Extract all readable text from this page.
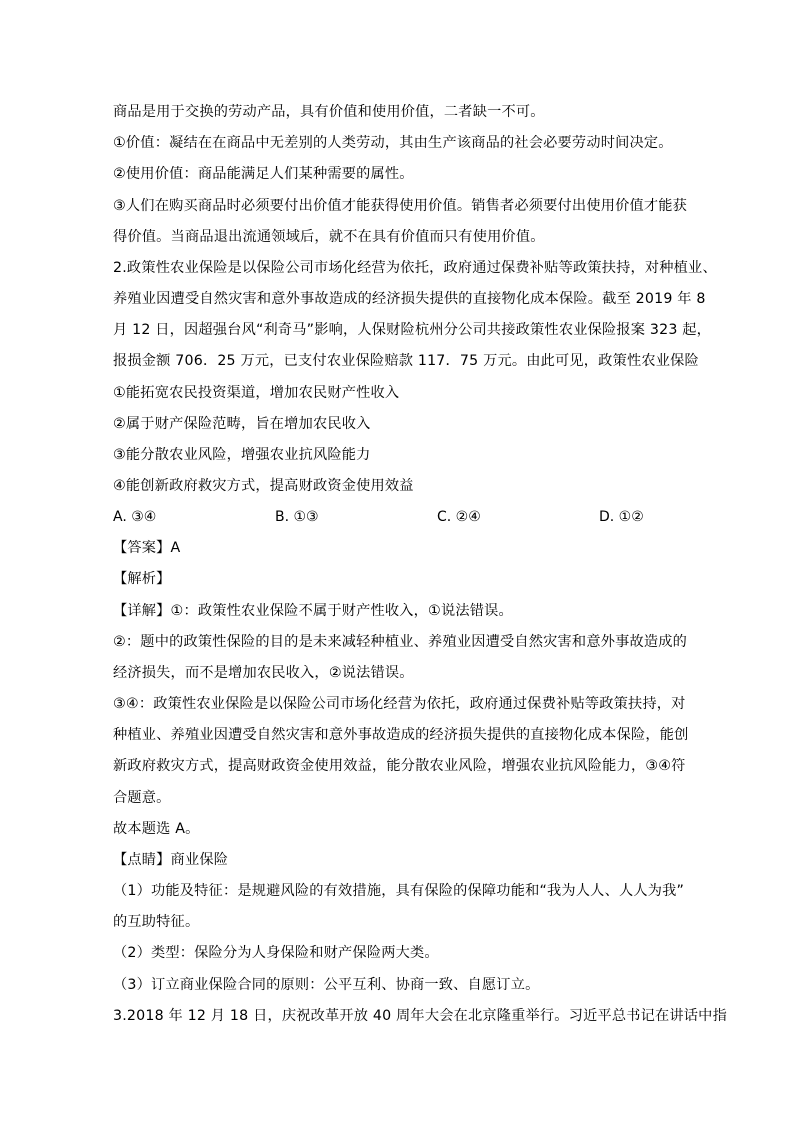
商品是用于交换的劳动产品，具有价值和使用价值，二者缺一不可。
①价值：凝结在在商品中无差别的人类劳动，其由生产该商品的社会必要劳动时间决定。
②使用价值：商品能满足人们某种需要的属性。
③人们在购买商品时必须要付出价值才能获得使用价值。销售者必须要付出使用价值才能获
得价值。当商品退出流通领域后，就不在具有价值而只有使用价值。
2.政策性农业保险是以保险公司市场化经营为依托，政府通过保费补贴等政策扶持，对种植业、
养殖业因遭受自然灾害和意外事故造成的经济损失提供的直接物化成本保险。截至 2019 年 8
月 12 日，因超强台风“利奇马”影响，人保财险杭州分公司共接政策性农业保险报案 323 起，
报损金额 706．25 万元，已支付农业保险赔款 117．75 万元。由此可见，政策性农业保险
①能拓宽农民投资渠道，增加农民财产性收入
②属于财产保险范畴，旨在增加农民收入
③能分散农业风险，增强农业抗风险能力
④能创新政府救灾方式，提高财政资金使用效益
A. ③④	B. ①③	C. ②④	D. ①②
【答案】A
【解析】
【详解】①：政策性农业保险不属于财产性收入，①说法错误。
②：题中的政策性保险的目的是未来减轻种植业、养殖业因遭受自然灾害和意外事故造成的
经济损失，而不是增加农民收入，②说法错误。
③④：政策性农业保险是以保险公司市场化经营为依托，政府通过保费补贴等政策扶持，对
种植业、养殖业因遭受自然灾害和意外事故造成的经济损失提供的直接物化成本保险，能创
新政府救灾方式，提高财政资金使用效益，能分散农业风险，增强农业抗风险能力，③④符
合题意。
故本题选 A。
【点睛】商业保险
（1）功能及特征：是规避风险的有效措施，具有保险的保障功能和“我为人人、人人为我”
的互助特征。
（2）类型：保险分为人身保险和财产保险两大类。
（3）订立商业保险合同的原则：公平互利、协商一致、自愿订立。
3.2018 年 12 月 18 日，庆祝改革开放 40 周年大会在北京隆重举行。习近平总书记在讲话中指
